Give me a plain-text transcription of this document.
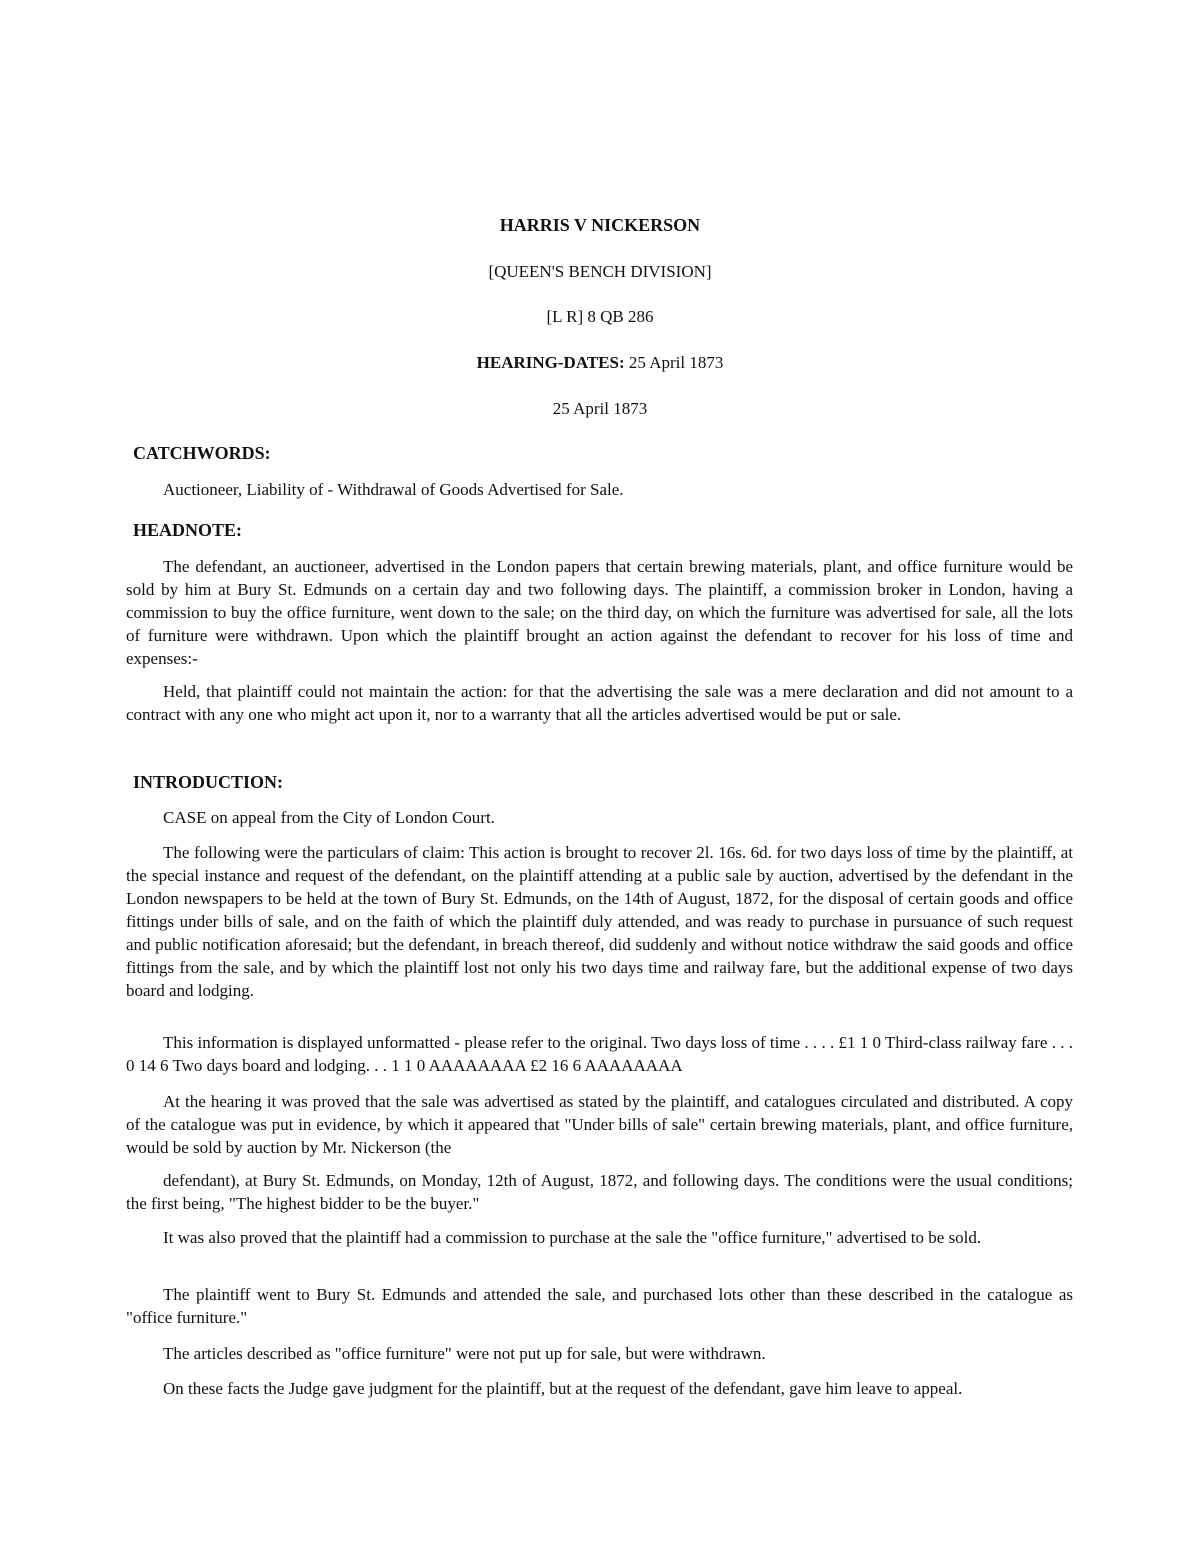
HARRIS V NICKERSON
[QUEEN'S BENCH DIVISION]
[L R] 8 QB 286
HEARING-DATES: 25 April 1873
25 April 1873
CATCHWORDS:
Auctioneer, Liability of - Withdrawal of Goods Advertised for Sale.
HEADNOTE:
The defendant, an auctioneer, advertised in the London papers that certain brewing materials, plant, and office furniture would be sold by him at Bury St. Edmunds on a certain day and two following days. The plaintiff, a commission broker in London, having a commission to buy the office furniture, went down to the sale; on the third day, on which the furniture was advertised for sale, all the lots of furniture were withdrawn. Upon which the plaintiff brought an action against the defendant to recover for his loss of time and expenses:-
Held, that plaintiff could not maintain the action: for that the advertising the sale was a mere declaration and did not amount to a contract with any one who might act upon it, nor to a warranty that all the articles advertised would be put or sale.
INTRODUCTION:
CASE on appeal from the City of London Court.
The following were the particulars of claim: This action is brought to recover 2l. 16s. 6d. for two days loss of time by the plaintiff, at the special instance and request of the defendant, on the plaintiff attending at a public sale by auction, advertised by the defendant in the London newspapers to be held at the town of Bury St. Edmunds, on the 14th of August, 1872, for the disposal of certain goods and office fittings under bills of sale, and on the faith of which the plaintiff duly attended, and was ready to purchase in pursuance of such request and public notification aforesaid; but the defendant, in breach thereof, did suddenly and without notice withdraw the said goods and office fittings from the sale, and by which the plaintiff lost not only his two days time and railway fare, but the additional expense of two days board and lodging.
This information is displayed unformatted - please refer to the original. Two days loss of time . . . . £1 1 0 Third-class railway fare . . . 0 14 6 Two days board and lodging. . . 1 1 0 AAAAAAAA £2 16 6 AAAAAAAA
At the hearing it was proved that the sale was advertised as stated by the plaintiff, and catalogues circulated and distributed. A copy of the catalogue was put in evidence, by which it appeared that "Under bills of sale" certain brewing materials, plant, and office furniture, would be sold by auction by Mr. Nickerson (the
defendant), at Bury St. Edmunds, on Monday, 12th of August, 1872, and following days. The conditions were the usual conditions; the first being, "The highest bidder to be the buyer."
It was also proved that the plaintiff had a commission to purchase at the sale the "office furniture," advertised to be sold.
The plaintiff went to Bury St. Edmunds and attended the sale, and purchased lots other than these described in the catalogue as "office furniture."
The articles described as "office furniture" were not put up for sale, but were withdrawn.
On these facts the Judge gave judgment for the plaintiff, but at the request of the defendant, gave him leave to appeal.
